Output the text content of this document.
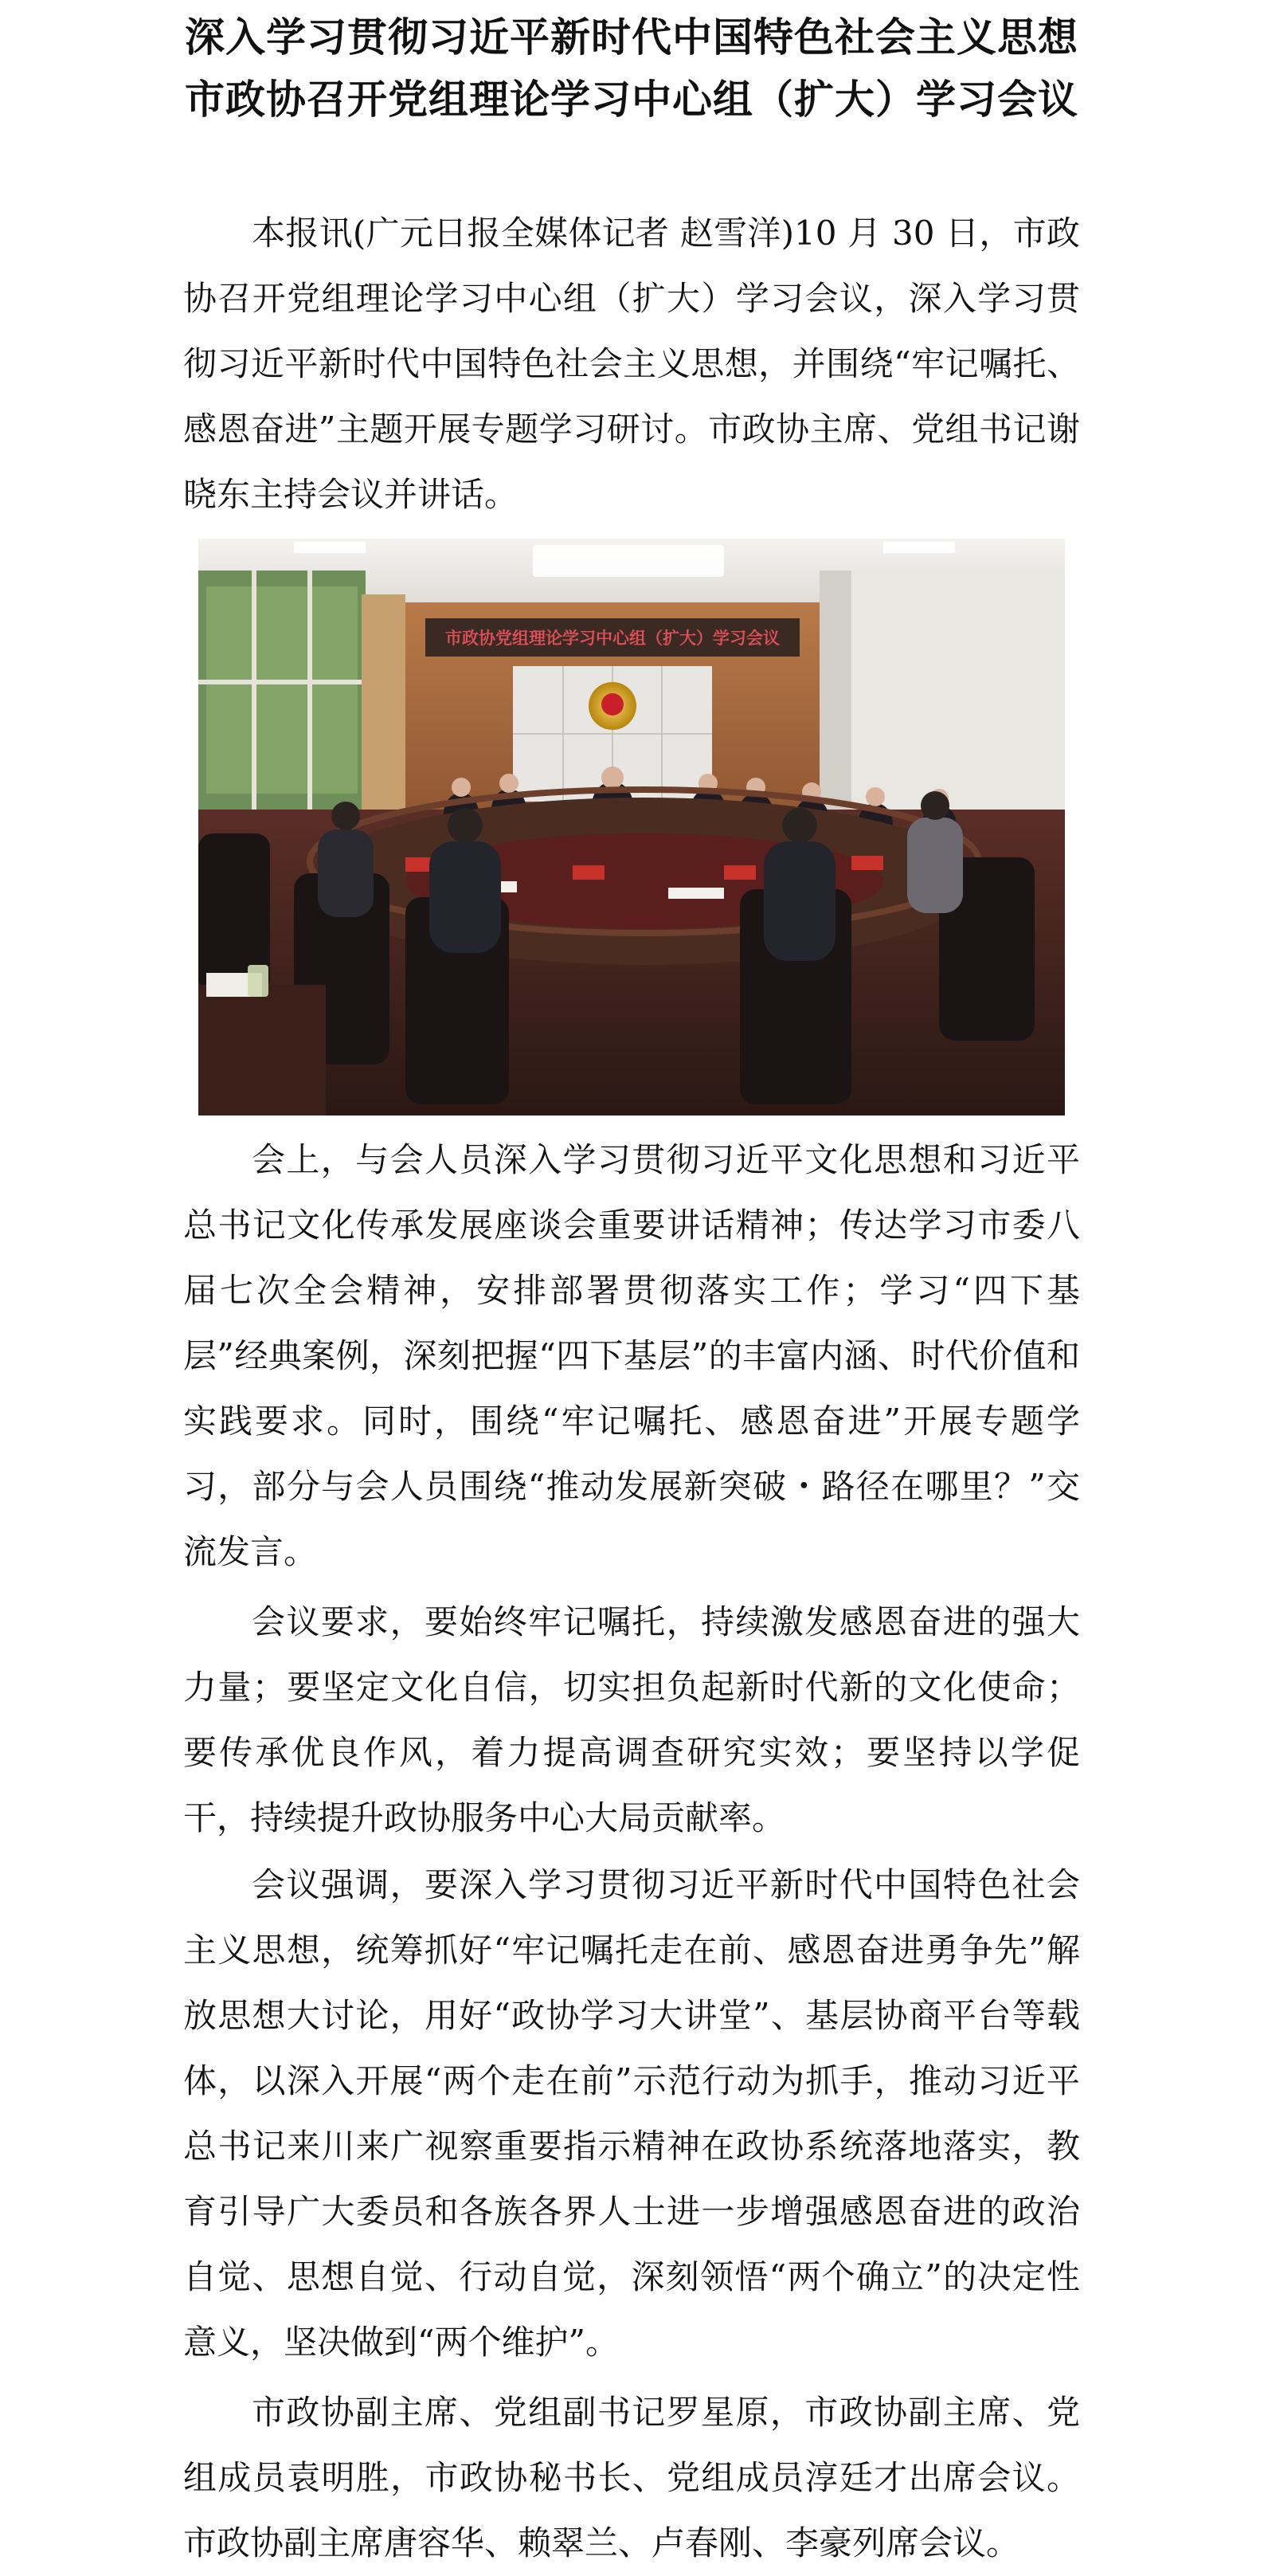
深入学习贯彻习近平新时代中国特色社会主义思想
市政协召开党组理论学习中心组（扩大）学习会议

本报讯(广元日报全媒体记者 赵雪洋)10 月 30 日，市政协召开党组理论学习中心组（扩大）学习会议，深入学习贯彻习近平新时代中国特色社会主义思想，并围绕“牢记嘱托、感恩奋进”主题开展专题学习研讨。市政协主席、党组书记谢晓东主持会议并讲话。

市政协党组理论学习中心组（扩大）学习会议

会上，与会人员深入学习贯彻习近平文化思想和习近平总书记文化传承发展座谈会重要讲话精神；传达学习市委八届七次全会精神，安排部署贯彻落实工作；学习“四下基层”经典案例，深刻把握“四下基层”的丰富内涵、时代价值和实践要求。同时，围绕“牢记嘱托、感恩奋进”开展专题学习，部分与会人员围绕“推动发展新突破・路径在哪里？”交流发言。

会议要求，要始终牢记嘱托，持续激发感恩奋进的强大力量；要坚定文化自信，切实担负起新时代新的文化使命；要传承优良作风，着力提高调查研究实效；要坚持以学促干，持续提升政协服务中心大局贡献率。

会议强调，要深入学习贯彻习近平新时代中国特色社会主义思想，统筹抓好“牢记嘱托走在前、感恩奋进勇争先”解放思想大讨论，用好“政协学习大讲堂”、基层协商平台等载体，以深入开展“两个走在前”示范行动为抓手，推动习近平总书记来川来广视察重要指示精神在政协系统落地落实，教育引导广大委员和各族各界人士进一步增强感恩奋进的政治自觉、思想自觉、行动自觉，深刻领悟“两个确立”的决定性意义，坚决做到“两个维护”。

市政协副主席、党组副书记罗星原，市政协副主席、党组成员袁明胜，市政协秘书长、党组成员淳廷才出席会议。市政协副主席唐容华、赖翠兰、卢春刚、李豪列席会议。
